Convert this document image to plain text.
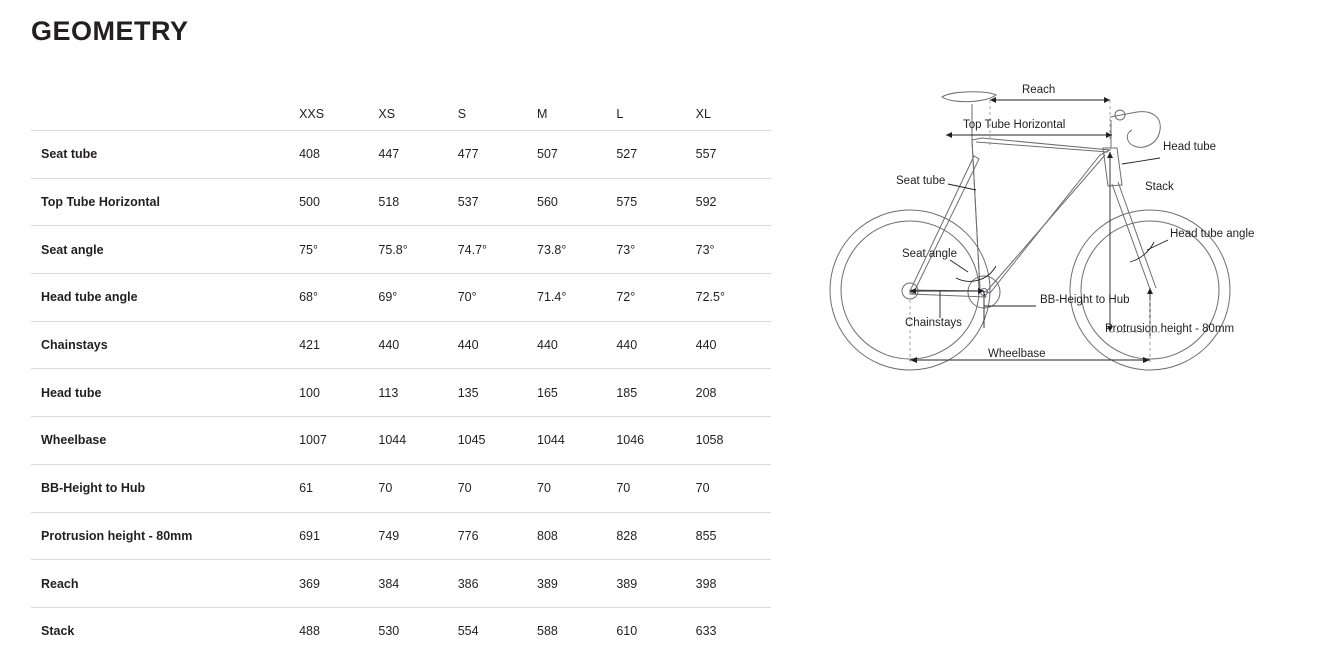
GEOMETRY
	XXS	XS	S	M	L	XL
Seat tube	408	447	477	507	527	557
Top Tube Horizontal	500	518	537	560	575	592
Seat angle	75°	75.8°	74.7°	73.8°	73°	73°
Head tube angle	68°	69°	70°	71.4°	72°	72.5°
Chainstays	421	440	440	440	440	440
Head tube	100	113	135	165	185	208
Wheelbase	1007	1044	1045	1044	1046	1058
BB-Height to Hub	61	70	70	70	70	70
Protrusion height - 80mm	691	749	776	808	828	855
Reach	369	384	386	389	389	398
Stack	488	530	554	588	610	633
Reach
Top Tube Horizontal
Head tube
Stack
Seat tube
Seat angle
Head tube angle
BB-Height to Hub
Chainstays	Protrusion height - 80mm
Wheelbase
